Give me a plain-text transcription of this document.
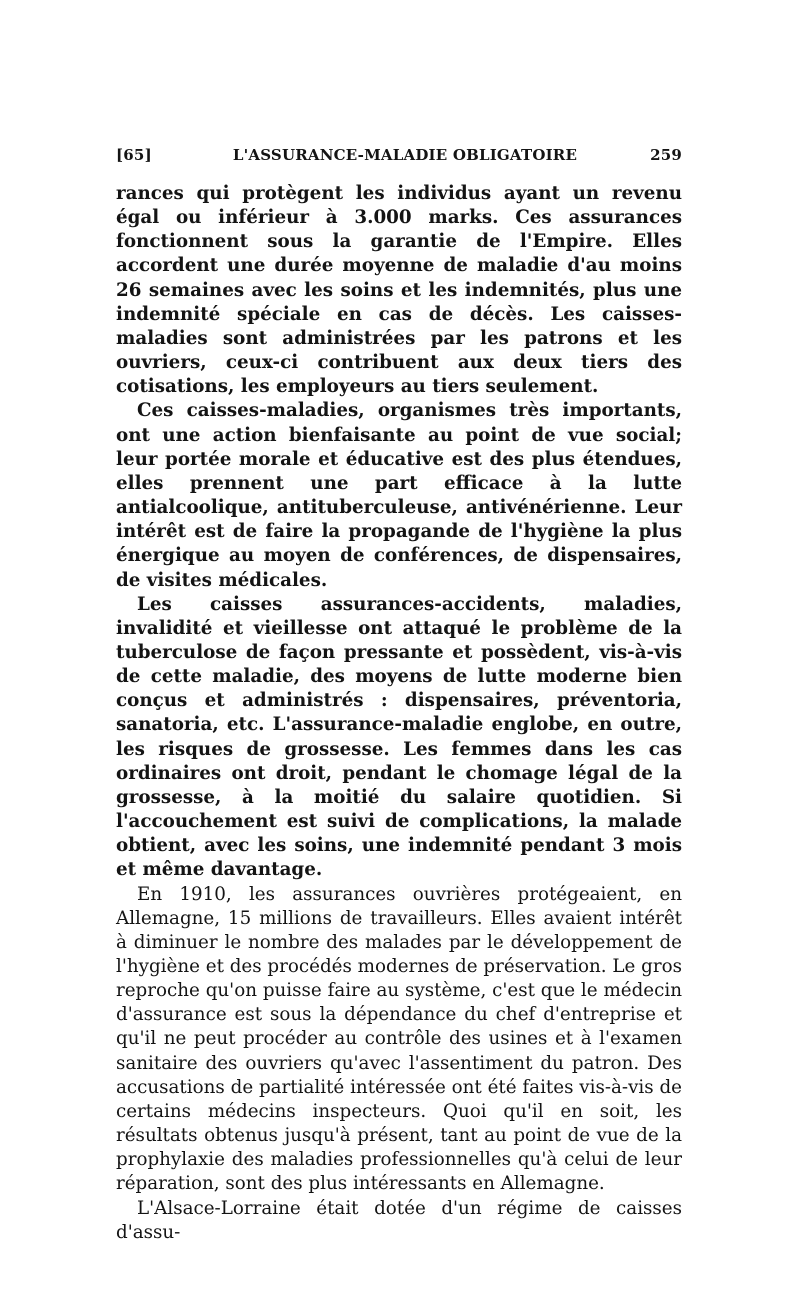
[65]	L'ASSURANCE-MALADIE OBLIGATOIRE	259

rances qui protègent les individus ayant un revenu égal ou inférieur à 3.000 marks. Ces assurances fonctionnent sous la garantie de l'Empire. Elles accordent une durée moyenne de maladie d'au moins 26 semaines avec les soins et les indemnités, plus une indemnité spéciale en cas de décès. Les caisses-maladies sont administrées par les patrons et les ouvriers, ceux-ci contribuent aux deux tiers des cotisations, les employeurs au tiers seulement.

Ces caisses-maladies, organismes très importants, ont une action bienfaisante au point de vue social; leur portée morale et éducative est des plus étendues, elles prennent une part efficace à la lutte antialcoolique, antituberculeuse, antivénérienne. Leur intérêt est de faire la propagande de l'hygiène la plus énergique au moyen de conférences, de dispensaires, de visites médicales.

Les caisses assurances-accidents, maladies, invalidité et vieillesse ont attaqué le problème de la tuberculose de façon pressante et possèdent, vis-à-vis de cette maladie, des moyens de lutte moderne bien conçus et administrés : dispensaires, préventoria, sanatoria, etc. L'assurance-maladie englobe, en outre, les risques de grossesse. Les femmes dans les cas ordinaires ont droit, pendant le chomage légal de la grossesse, à la moitié du salaire quotidien. Si l'accouchement est suivi de complications, la malade obtient, avec les soins, une indemnité pendant 3 mois et même davantage.

En 1910, les assurances ouvrières protégeaient, en Allemagne, 15 millions de travailleurs. Elles avaient intérêt à diminuer le nombre des malades par le développement de l'hygiène et des procédés modernes de préservation. Le gros reproche qu'on puisse faire au système, c'est que le médecin d'assurance est sous la dépendance du chef d'entreprise et qu'il ne peut procéder au contrôle des usines et à l'examen sanitaire des ouvriers qu'avec l'assentiment du patron. Des accusations de partialité intéressée ont été faites vis-à-vis de certains médecins inspecteurs. Quoi qu'il en soit, les résultats obtenus jusqu'à présent, tant au point de vue de la prophylaxie des maladies professionnelles qu'à celui de leur réparation, sont des plus intéressants en Allemagne.

L'Alsace-Lorraine était dotée d'un régime de caisses d'assu-
